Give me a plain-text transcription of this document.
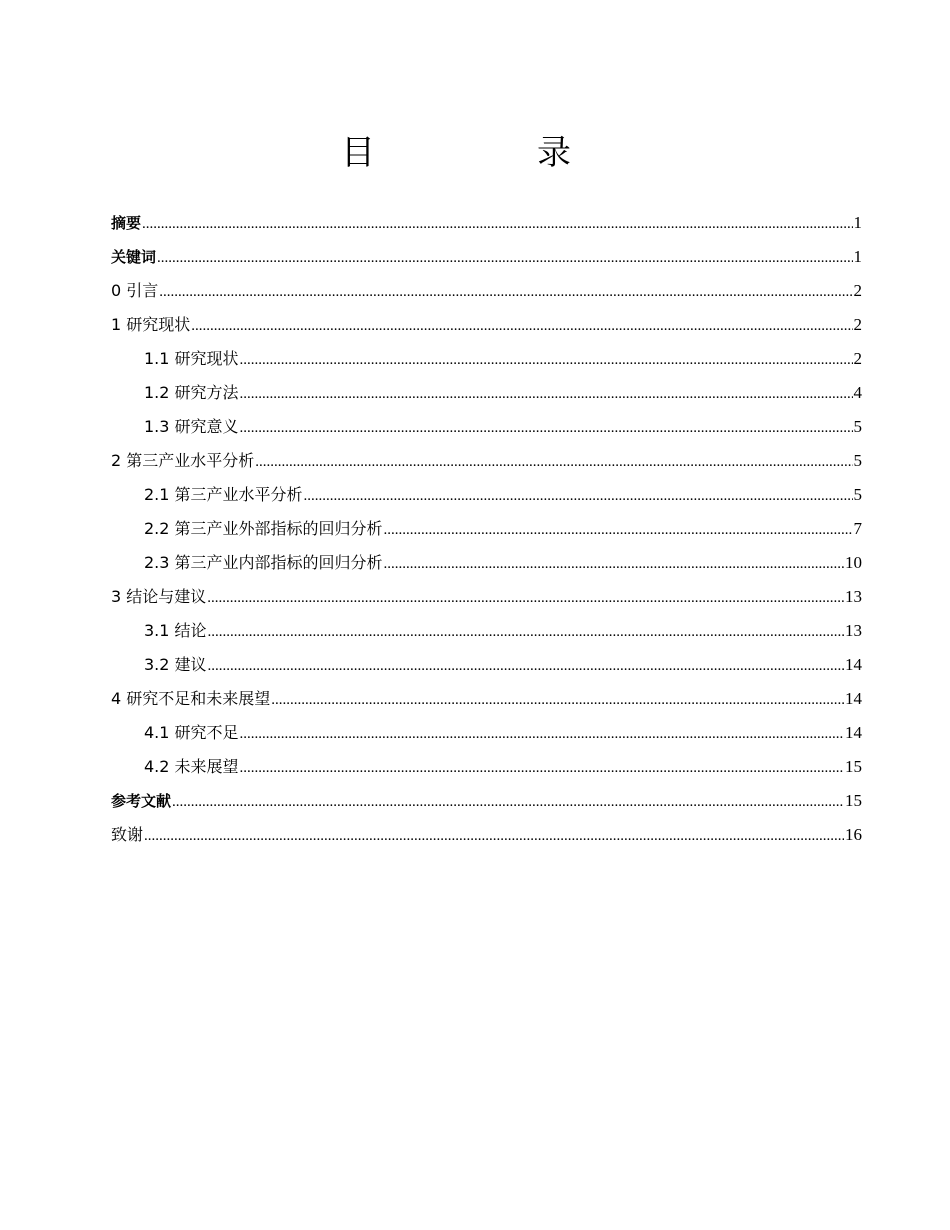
目　录
摘要 .....	1
关键词 .....	1
0 引言 .....	2
1 研究现状 .....	2
1.1 研究现状 .....	2
1.2 研究方法 .....	4
1.3 研究意义 .....	5
2 第三产业水平分析 .....	5
2.1 第三产业水平分析 .....	5
2.2 第三产业外部指标的回归分析 .....	7
2.3 第三产业内部指标的回归分析 .....	10
3 结论与建议 .....	13
3.1 结论 .....	13
3.2 建议 .....	14
4 研究不足和未来展望 .....	14
4.1 研究不足 .....	14
4.2 未来展望 .....	15
参考文献 .....	15
致谢 .....	16
